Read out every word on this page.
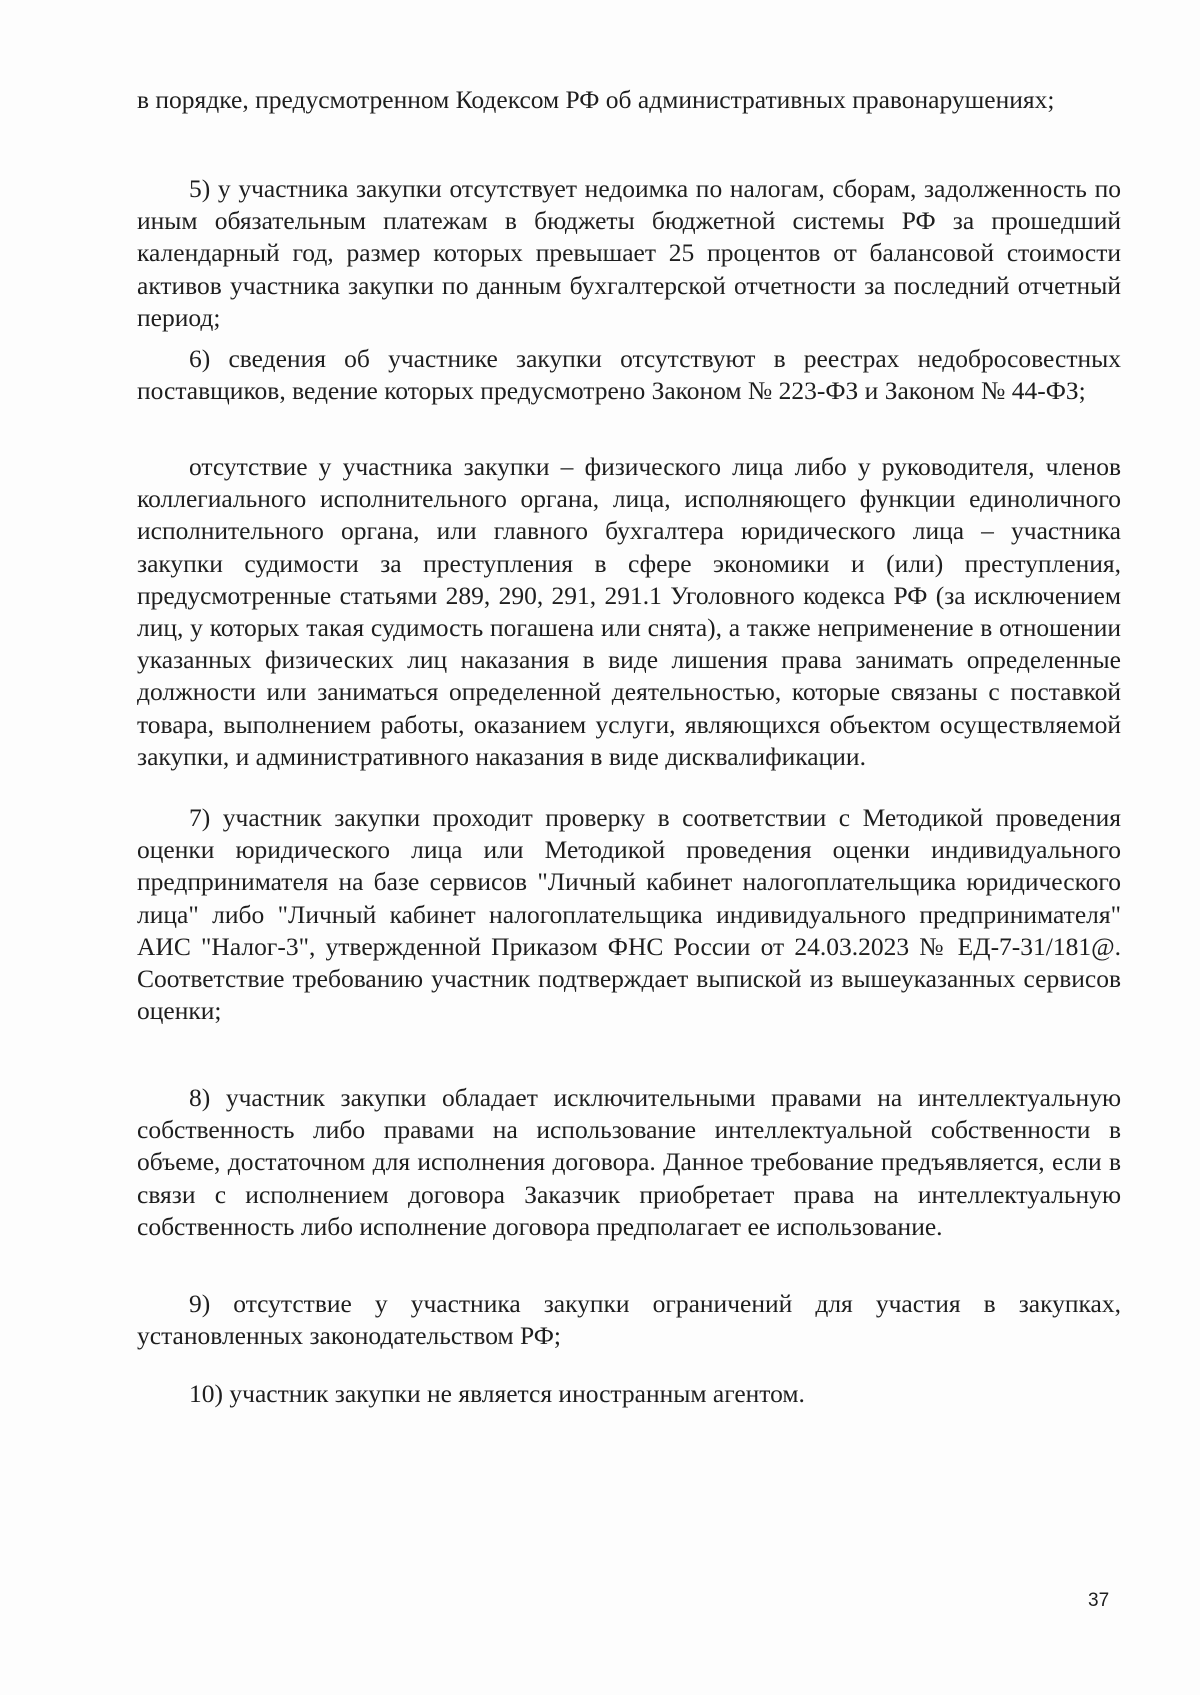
в порядке, предусмотренном Кодексом РФ об административных правонарушениях;

5) у участника закупки отсутствует недоимка по налогам, сборам, задолженность по иным обязательным платежам в бюджеты бюджетной системы РФ за прошедший календарный год, размер которых превышает 25 процентов от балансовой стоимости активов участника закупки по данным бухгалтерской отчетности за последний отчетный период;

6) сведения об участнике закупки отсутствуют в реестрах недобросовестных поставщиков, ведение которых предусмотрено Законом № 223-ФЗ и Законом № 44-ФЗ;

отсутствие у участника закупки – физического лица либо у руководителя, членов коллегиального исполнительного органа, лица, исполняющего функции единоличного исполнительного органа, или главного бухгалтера юридического лица – участника закупки судимости за преступления в сфере экономики и (или) преступления, предусмотренные статьями 289, 290, 291, 291.1 Уголовного кодекса РФ (за исключением лиц, у которых такая судимость погашена или снята), а также неприменение в отношении указанных физических лиц наказания в виде лишения права занимать определенные должности или заниматься определенной деятельностью, которые связаны с поставкой товара, выполнением работы, оказанием услуги, являющихся объектом осуществляемой закупки, и административного наказания в виде дисквалификации.

7) участник закупки проходит проверку в соответствии с Методикой проведения оценки юридического лица или Методикой проведения оценки индивидуального предпринимателя на базе сервисов "Личный кабинет налогоплательщика юридического лица" либо "Личный кабинет налогоплательщика индивидуального предпринимателя" АИС "Налог-3", утвержденной Приказом ФНС России от 24.03.2023 № ЕД-7-31/181@. Соответствие требованию участник подтверждает выпиской из вышеуказанных сервисов оценки;

8) участник закупки обладает исключительными правами на интеллектуальную собственность либо правами на использование интеллектуальной собственности в объеме, достаточном для исполнения договора. Данное требование предъявляется, если в связи с исполнением договора Заказчик приобретает права на интеллектуальную собственность либо исполнение договора предполагает ее использование.

9) отсутствие у участника закупки ограничений для участия в закупках, установленных законодательством РФ;

10) участник закупки не является иностранным агентом.

37
